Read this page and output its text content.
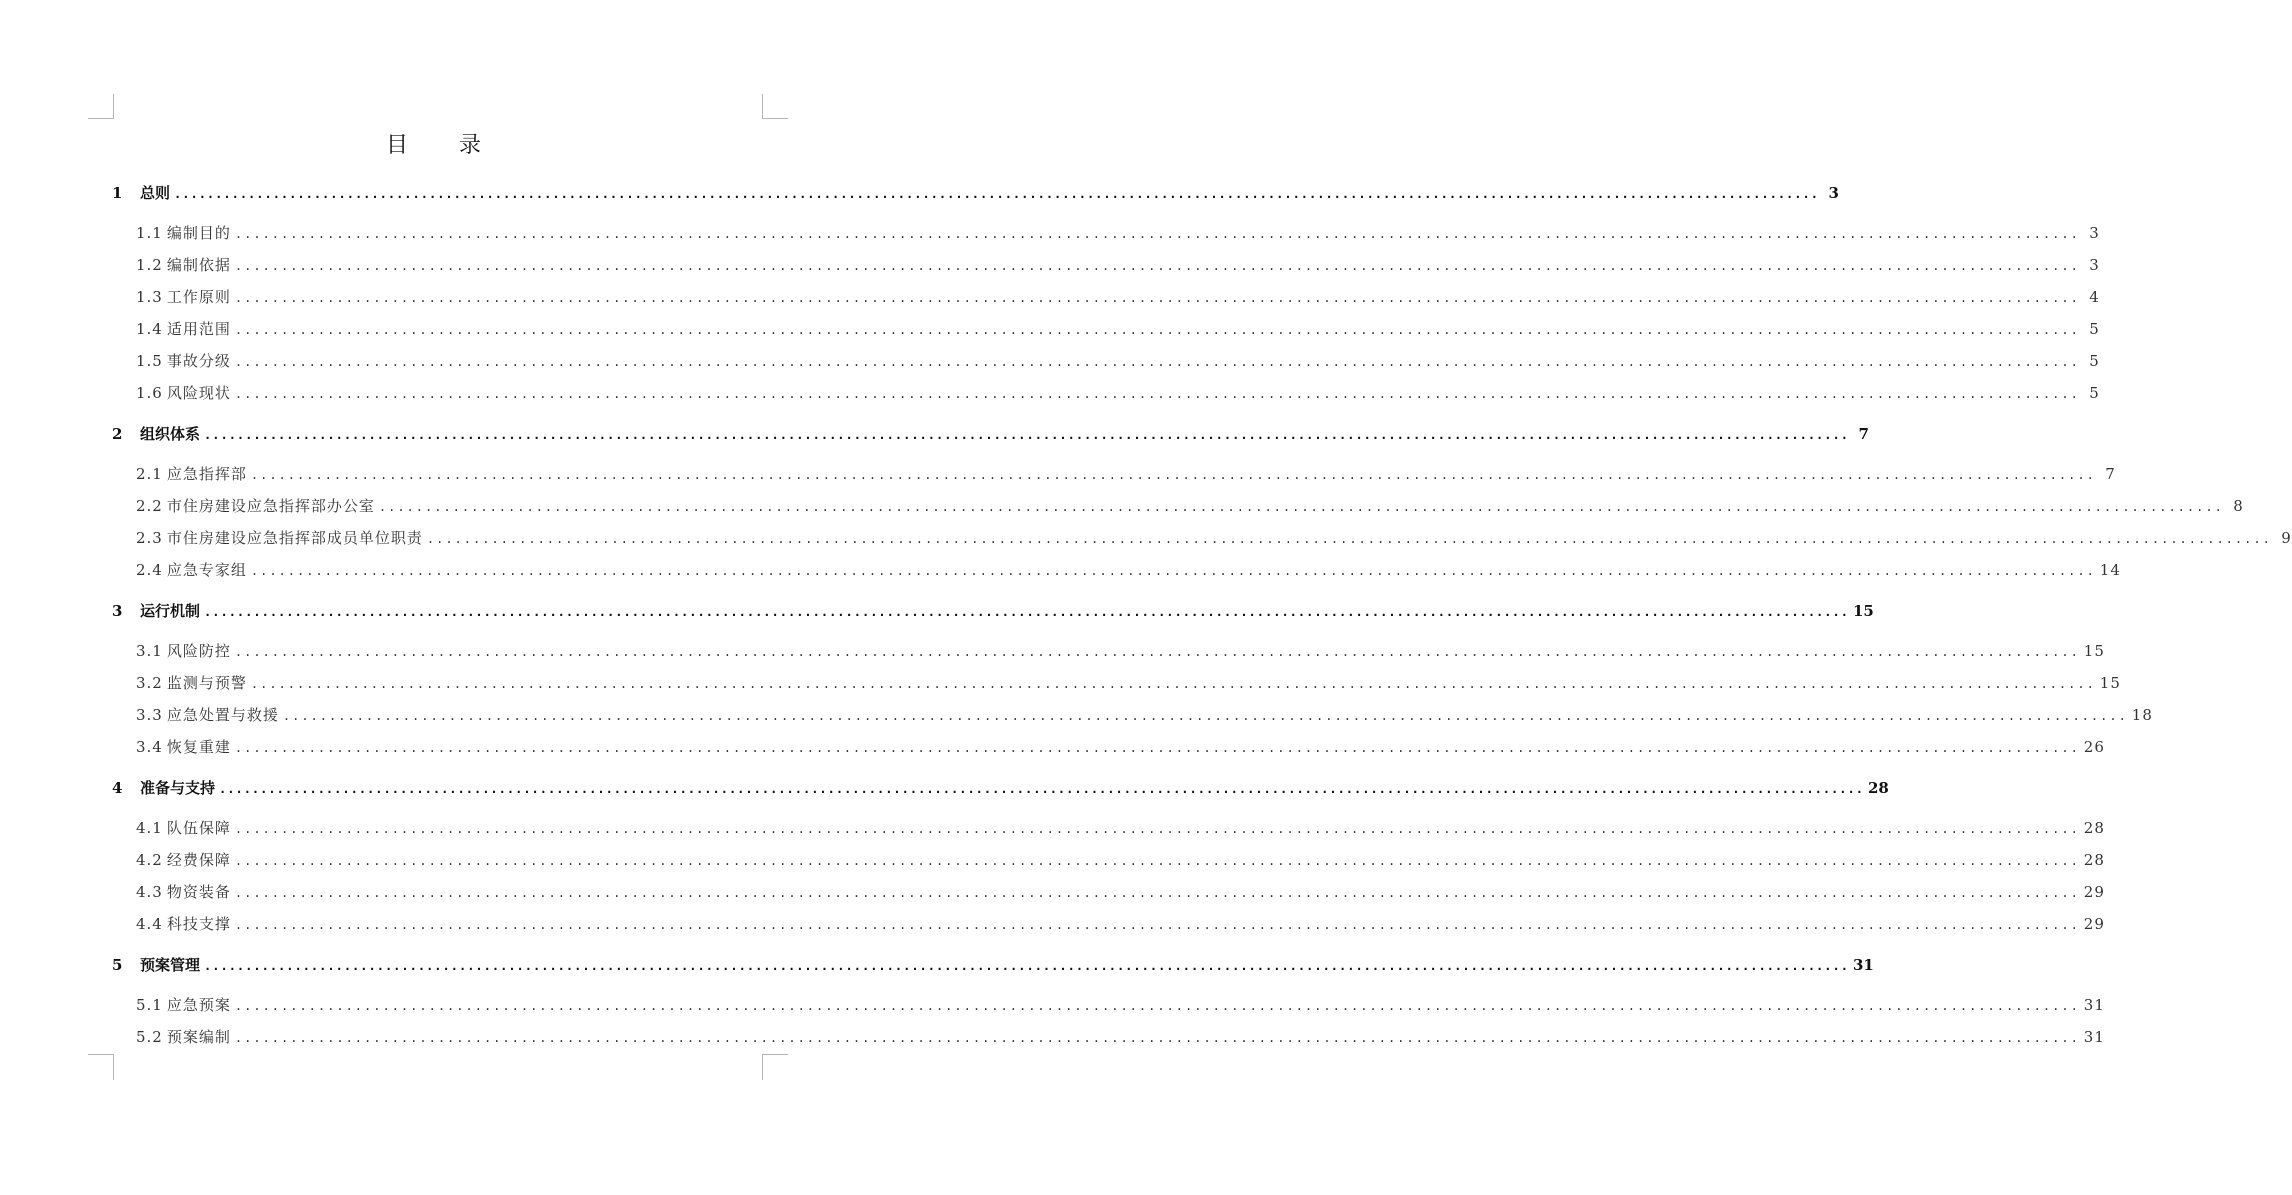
目 录
1	总则 ........................................................................................................................................................................................................ 3
1.1 编制目的 ........................................................................................................................................................................................................ 3
1.2 编制依据 ........................................................................................................................................................................................................ 3
1.3 工作原则 ........................................................................................................................................................................................................ 4
1.4 适用范围 ........................................................................................................................................................................................................ 5
1.5 事故分级 ........................................................................................................................................................................................................ 5
1.6 风险现状 ........................................................................................................................................................................................................ 5
2	组织体系 ........................................................................................................................................................................................................ 7
2.1 应急指挥部 ........................................................................................................................................................................................................ 7
2.2 市住房建设应急指挥部办公室 ........................................................................................................................................................................................................ 8
2.3 市住房建设应急指挥部成员单位职责 ........................................................................................................................................................................................................ 9
2.4 应急专家组 ........................................................................................................................................................................................................ 14
3	运行机制 ........................................................................................................................................................................................................ 15
3.1 风险防控 ........................................................................................................................................................................................................ 15
3.2 监测与预警 ........................................................................................................................................................................................................ 15
3.3 应急处置与救援 ........................................................................................................................................................................................................ 18
3.4 恢复重建 ........................................................................................................................................................................................................ 26
4	准备与支持 ........................................................................................................................................................................................................ 28
4.1 队伍保障 ........................................................................................................................................................................................................ 28
4.2 经费保障 ........................................................................................................................................................................................................ 28
4.3 物资装备 ........................................................................................................................................................................................................ 29
4.4 科技支撑 ........................................................................................................................................................................................................ 29
5	预案管理 ........................................................................................................................................................................................................ 31
5.1 应急预案 ........................................................................................................................................................................................................ 31
5.2 预案编制 ........................................................................................................................................................................................................ 31
